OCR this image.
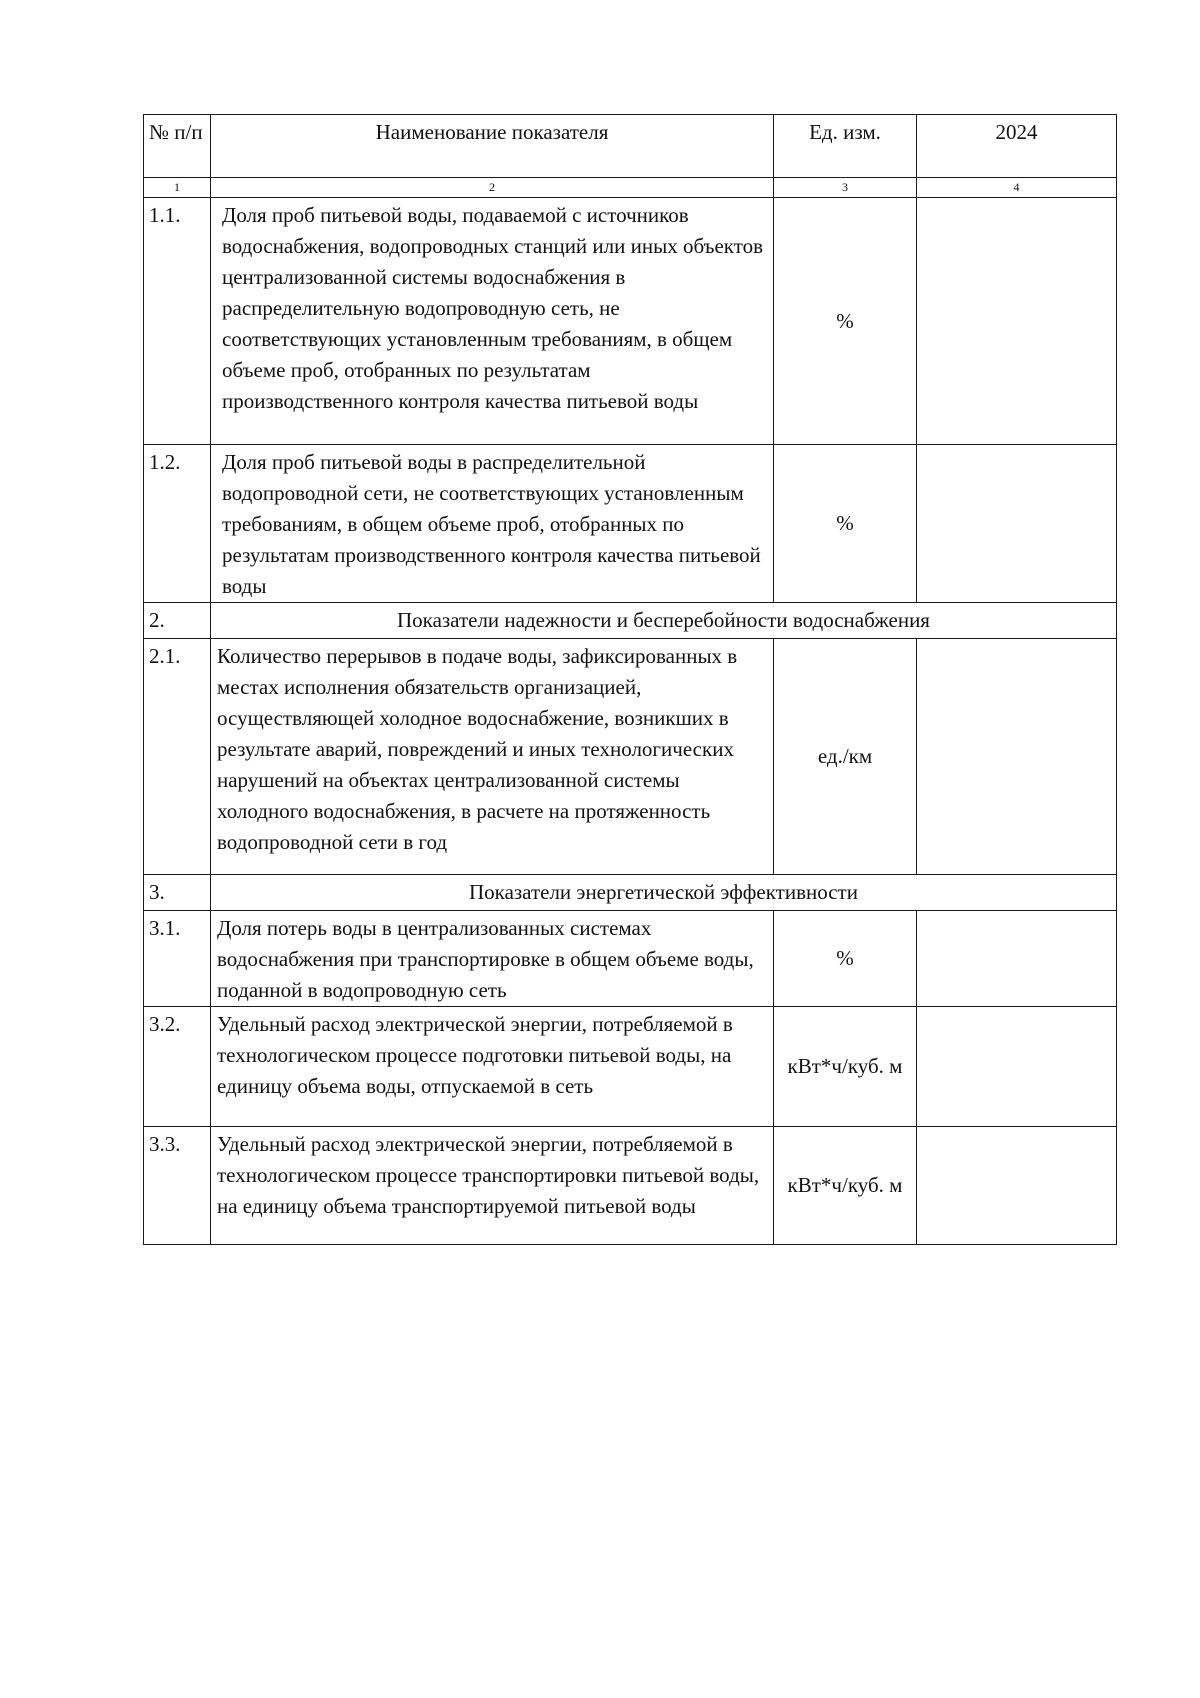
№ п/п	Наименование показателя	Ед. изм.	2024
1	2	3	4
1.1.	Доля проб питьевой воды, подаваемой с источников водоснабжения, водопроводных станций или иных объектов централизованной системы водоснабжения в распределительную водопроводную сеть, не соответствующих установленным требованиям, в общем объеме проб, отобранных по результатам производственного контроля качества питьевой воды	%	
1.2.	Доля проб питьевой воды в распределительной водопроводной сети, не соответствующих установленным требованиям, в общем объеме проб, отобранных по результатам производственного контроля качества питьевой воды	%	
2.	Показатели надежности и бесперебойности водоснабжения		
2.1.	Количество перерывов в подаче воды, зафиксированных в местах исполнения обязательств организацией, осуществляющей холодное водоснабжение, возникших в результате аварий, повреждений и иных технологических нарушений на объектах централизованной системы холодного водоснабжения, в расчете на протяженность водопроводной сети в год	ед./км	
3.	Показатели энергетической эффективности		
3.1.	Доля потерь воды в централизованных системах водоснабжения при транспортировке в общем объеме воды, поданной в водопроводную сеть	%	
3.2.	Удельный расход электрической энергии, потребляемой в технологическом процессе подготовки питьевой воды, на единицу объема воды, отпускаемой в сеть	кВт*ч/куб. м	
3.3.	Удельный расход электрической энергии, потребляемой в технологическом процессе транспортировки питьевой воды, на единицу объема транспортируемой питьевой воды	кВт*ч/куб. м	
